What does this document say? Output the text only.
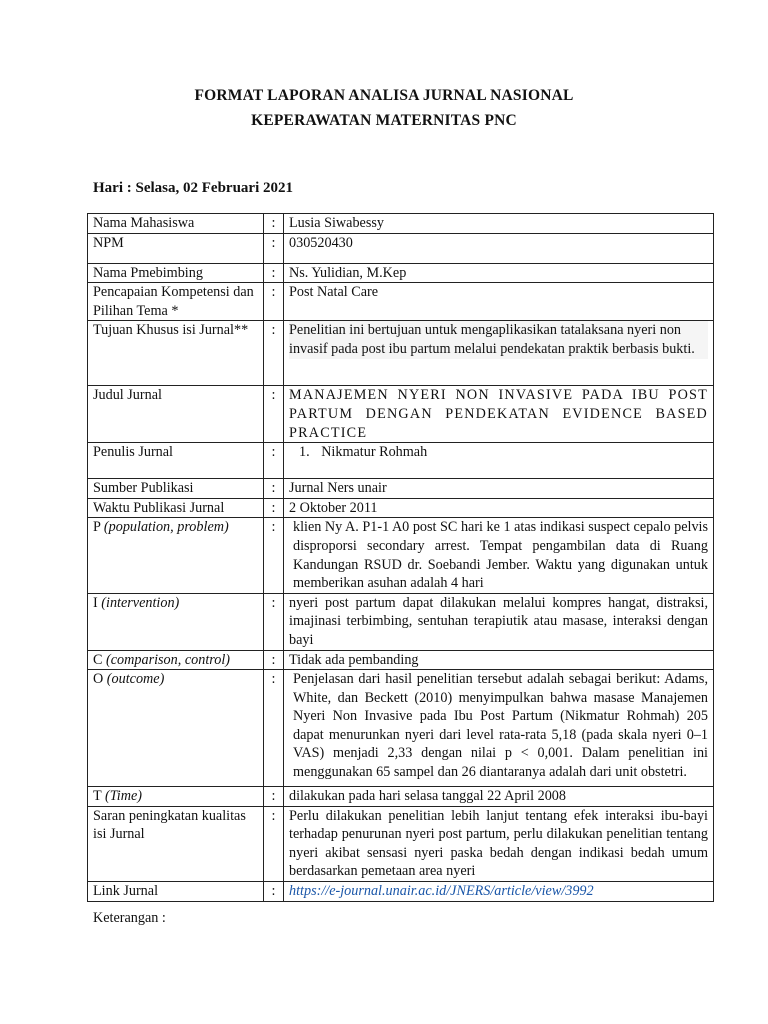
FORMAT LAPORAN ANALISA JURNAL NASIONAL
KEPERAWATAN MATERNITAS PNC
Hari : Selasa, 02 Februari 2021
Nama Mahasiswa	:	Lusia Siwabessy
NPM	:	030520430
Nama Pmebimbing	:	Ns. Yulidian, M.Kep
Pencapaian Kompetensi dan Pilihan Tema *	:	Post Natal Care
Tujuan Khusus isi Jurnal**	:	Penelitian ini bertujuan untuk mengaplikasikan tatalaksana nyeri non invasif pada post ibu partum melalui pendekatan praktik berbasis bukti.

Judul Jurnal	:	MANAJEMEN NYERI NON INVASIVE PADA IBU POST PARTUM DENGAN PENDEKATAN EVIDENCE BASED PRACTICE
Penulis Jurnal	:	1. Nikmatur Rohmah
Sumber Publikasi	:	Jurnal Ners unair
Waktu Publikasi Jurnal	:	2 Oktober 2011
P (population, problem)	:	klien Ny A. P1-1 A0 post SC hari ke 1 atas indikasi suspect cepalo pelvis disproporsi secondary arrest. Tempat pengambilan data di Ruang Kandungan RSUD dr. Soebandi Jember. Waktu yang digunakan untuk memberikan asuhan adalah 4 hari

I (intervention)	:	nyeri post partum dapat dilakukan melalui kompres hangat, distraksi, imajinasi terbimbing, sentuhan terapiutik atau masase, interaksi dengan bayi
C (comparison, control)	:	Tidak ada pembanding
O (outcome)	:	Penjelasan dari hasil penelitian tersebut adalah sebagai berikut: Adams, White, dan Beckett (2010) menyimpulkan bahwa masase Manajemen Nyeri Non Invasive pada Ibu Post Partum (Nikmatur Rohmah) 205 dapat menurunkan nyeri dari level rata-rata 5,18 (pada skala nyeri 0–1 VAS) menjadi 2,33 dengan nilai p < 0,001. Dalam penelitian ini menggunakan 65 sampel dan 26 diantaranya adalah dari unit obstetri.

T (Time)	:	dilakukan pada hari selasa tanggal 22 April 2008
Saran peningkatan kualitas isi Jurnal	:	Perlu dilakukan penelitian lebih lanjut tentang efek interaksi ibu-bayi terhadap penurunan nyeri post partum, perlu dilakukan penelitian tentang nyeri akibat sensasi nyeri paska bedah dengan indikasi bedah umum berdasarkan pemetaan area nyeri
Link Jurnal	:	https://e-journal.unair.ac.id/JNERS/article/view/3992
Keterangan :
